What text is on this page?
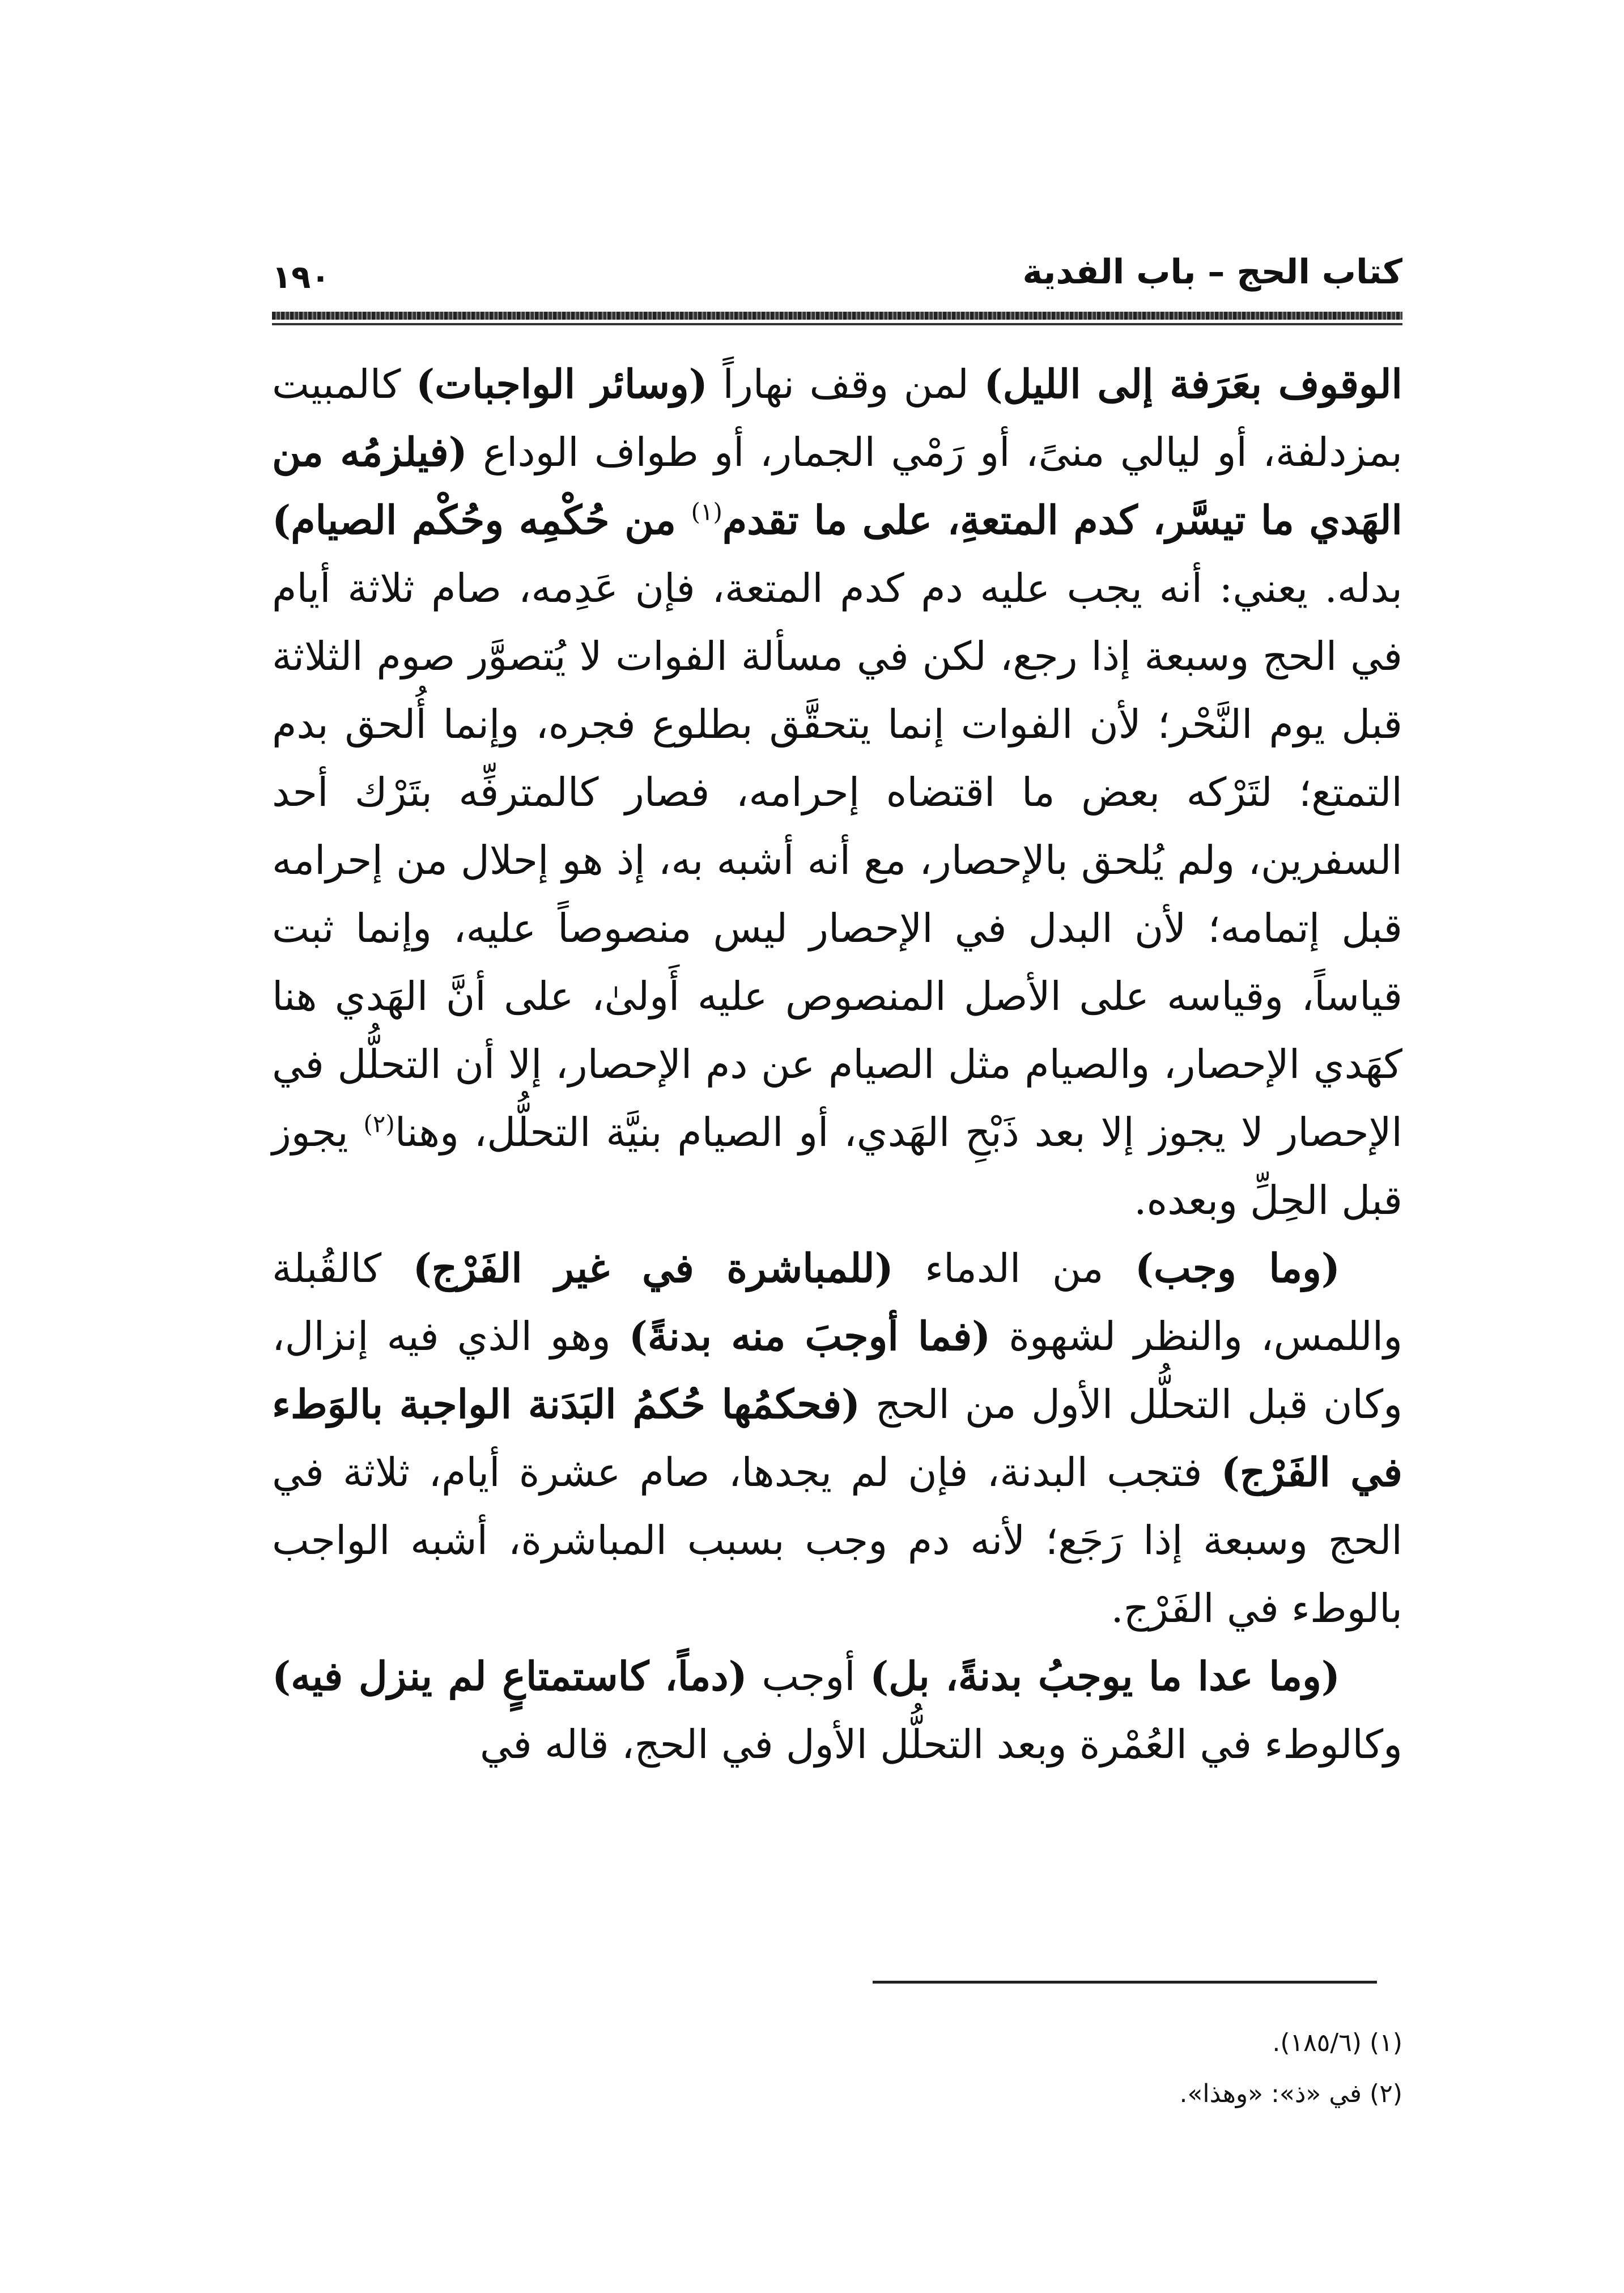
كتاب الحج – باب الفدية
١٩٠

الوقوف بعَرَفة إلى الليل) لمن وقف نهاراً (وسائر الواجبات) كالمبيت بمزدلفة، أو ليالي منىً، أو رَمْي الجمار، أو طواف الوداع (فيلزمُه من الهَدي ما تيسَّر، كدم المتعةِ، على ما تقدم$^{(١)}$ من حُكْمِه وحُكْم الصيام) بدله. يعني: أنه يجب عليه دم كدم المتعة، فإن عَدِمه، صام ثلاثة أيام في الحج وسبعة إذا رجع، لكن في مسألة الفوات لا يُتصوَّر صوم الثلاثة قبل يوم النَّحْر؛ لأن الفوات إنما يتحقَّق بطلوع فجره، وإنما أُلحق بدم التمتع؛ لتَرْكه بعض ما اقتضاه إحرامه، فصار كالمترفِّه بتَرْك أحد السفرين، ولم يُلحق بالإحصار، مع أنه أشبه به، إذ هو إحلال من إحرامه قبل إتمامه؛ لأن البدل في الإحصار ليس منصوصاً عليه، وإنما ثبت قياساً، وقياسه على الأصل المنصوص عليه أَولىٰ، على أنَّ الهَدي هنا كهَدي الإحصار، والصيام مثل الصيام عن دم الإحصار، إلا أن التحلُّل في الإحصار لا يجوز إلا بعد ذَبْحِ الهَدي، أو الصيام بنيَّة التحلُّل، وهنا$^{(٢)}$ يجوز قبل الحِلِّ وبعده.

(وما وجب) من الدماء (للمباشرة في غير الفَرْج) كالقُبلة واللمس، والنظر لشهوة (فما أوجبَ منه بدنةً) وهو الذي فيه إنزال، وكان قبل التحلُّل الأول من الحج (فحكمُها حُكمُ البَدَنة الواجبة بالوَطء في الفَرْج) فتجب البدنة، فإن لم يجدها، صام عشرة أيام، ثلاثة في الحج وسبعة إذا رَجَع؛ لأنه دم وجب بسبب المباشرة، أشبه الواجب بالوطء في الفَرْج.

(وما عدا ما يوجبُ بدنةً، بل) أوجب (دماً، كاستمتاعٍ لم ينزل فيه) وكالوطء في العُمْرة وبعد التحلُّل الأول في الحج، قاله في

(١) (١٨٥/٦).

(٢) في «ذ»: «وهذا».
